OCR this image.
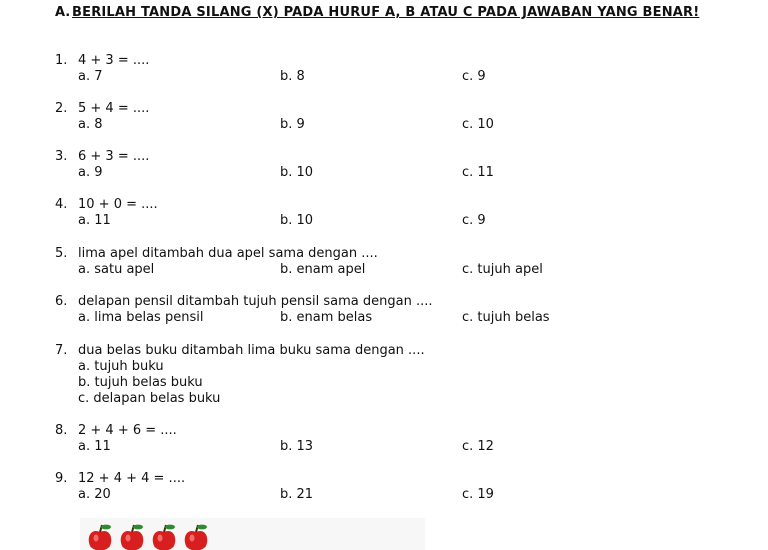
A. BERILAH TANDA SILANG (X) PADA HURUF A, B ATAU C PADA JAWABAN YANG BENAR!
1. 4 + 3 = ....
a. 7	b. 8	c. 9
2. 5 + 4 = ....
a. 8	b. 9	c. 10
3. 6 + 3 = ....
a. 9	b. 10	c. 11
4. 10 + 0 = ....
a. 11	b. 10	c. 9
5. lima apel ditambah dua apel sama dengan ....
a. satu apel	b. enam apel	c. tujuh apel
6. delapan pensil ditambah tujuh pensil sama dengan ....
a. lima belas pensil	b. enam belas	c. tujuh belas
7. dua belas buku ditambah lima buku sama dengan ....
a. tujuh buku
b. tujuh belas buku
c. delapan belas buku
8. 2 + 4 + 6 = ....
a. 11	b. 13	c. 12
9. 12 + 4 + 4 = ....
a. 20	b. 21	c. 19
